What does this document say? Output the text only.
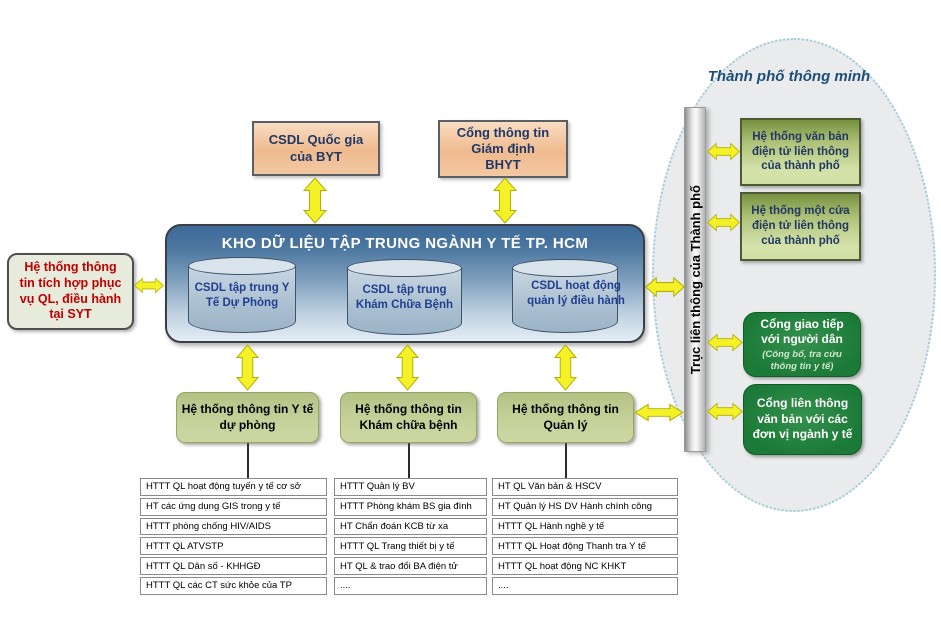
Thành phố thông minh
Trục liên thông của Thành phố
CSDL Quốc gia của BYT
Cổng thông tin Giám định BHYT
KHO DỮ LIỆU TẬP TRUNG NGÀNH Y TẾ TP. HCM
CSDL tập trung Y Tế Dự Phòng
CSDL tập trung Khám Chữa Bệnh
CSDL hoạt động quản lý điều hành
Hệ thống thông tin tích hợp phục vụ QL, điều hành tại SYT
Hệ thống thông tin Y tế dự phòng
Hệ thống thông tin Khám chữa bệnh
Hệ thống thông tin Quản lý
Hệ thống văn bản điện tử liên thông của thành phố
Hệ thống một cửa điện tử liên thông của thành phố
Cổng giao tiếp với người dân
(Công bố, tra cứu thông tin y tế)
Cổng liên thông văn bản với các đơn vị ngành y tế
HTTT QL hoạt động tuyến y tế cơ sở
HT các ứng dụng GIS trong y tế
HTTT phòng chống HIV/AIDS
HTTT QL ATVSTP
HTTT QL Dân số - KHHGĐ
HTTT QL các CT sức khỏe của TP
HTTT Quản lý BV
HTTT Phòng khám BS gia đình
HT Chẩn đoán KCB từ xa
HTTT QL Trang thiết bị y tế
HT QL & trao đổi BA điện tử
....
HT QL Văn bản & HSCV
HT Quản lý HS DV Hành chính công
HTTT QL Hành nghề y tế
HTTT QL Hoạt động Thanh tra Y tế
HTTT QL hoạt động NC KHKT
....
